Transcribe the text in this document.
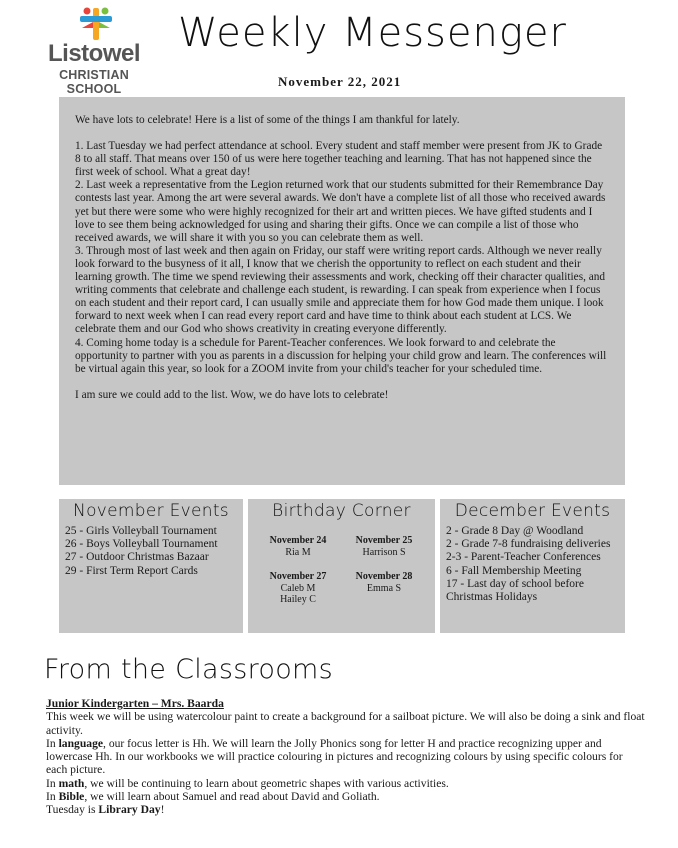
Listowel
CHRISTIAN SCHOOL
Weekly Messenger
November 22, 2021

We have lots to celebrate! Here is a list of some of the things I am thankful for lately.

1. Last Tuesday we had perfect attendance at school. Every student and staff member were present from JK to Grade 8 to all staff. That means over 150 of us were here together teaching and learning. That has not happened since the first week of school. What a great day!

2. Last week a representative from the Legion returned work that our students submitted for their Remembrance Day contests last year. Among the art were several awards. We don't have a complete list of all those who received awards yet but there were some who were highly recognized for their art and written pieces. We have gifted students and I love to see them being acknowledged for using and sharing their gifts. Once we can compile a list of those who received awards, we will share it with you so you can celebrate them as well.

3. Through most of last week and then again on Friday, our staff were writing report cards. Although we never really look forward to the busyness of it all, I know that we cherish the opportunity to reflect on each student and their learning growth. The time we spend reviewing their assessments and work, checking off their character qualities, and writing comments that celebrate and challenge each student, is rewarding. I can speak from experience when I focus on each student and their report card, I can usually smile and appreciate them for how God made them unique. I look forward to next week when I can read every report card and have time to think about each student at LCS. We celebrate them and our God who shows creativity in creating everyone differently.

4. Coming home today is a schedule for Parent-Teacher conferences. We look forward to and celebrate the opportunity to partner with you as parents in a discussion for helping your child grow and learn. The conferences will be virtual again this year, so look for a ZOOM invite from your child's teacher for your scheduled time.

I am sure we could add to the list. Wow, we do have lots to celebrate!

November Events
25 - Girls Volleyball Tournament
26 - Boys Volleyball Tournament
27 - Outdoor Christmas Bazaar
29 - First Term Report Cards
Birthday Corner
November 24
Ria M
November 25
Harrison S
November 27
Caleb M
Hailey C
November 28
Emma S
December Events
2 - Grade 8 Day @ Woodland
2 - Grade 7-8 fundraising deliveries
2-3 - Parent-Teacher Conferences
6 - Fall Membership Meeting
17 - Last day of school before Christmas Holidays
From the Classrooms

Junior Kindergarten – Mrs. Baarda

This week we will be using watercolour paint to create a background for a sailboat picture. We will also be doing a sink and float activity.

In language, our focus letter is Hh. We will learn the Jolly Phonics song for letter H and practice recognizing upper and lowercase Hh. In our workbooks we will practice colouring in pictures and recognizing colours by using specific colours for each picture.

In math, we will be continuing to learn about geometric shapes with various activities.

In Bible, we will learn about Samuel and read about David and Goliath.

Tuesday is Library Day!
